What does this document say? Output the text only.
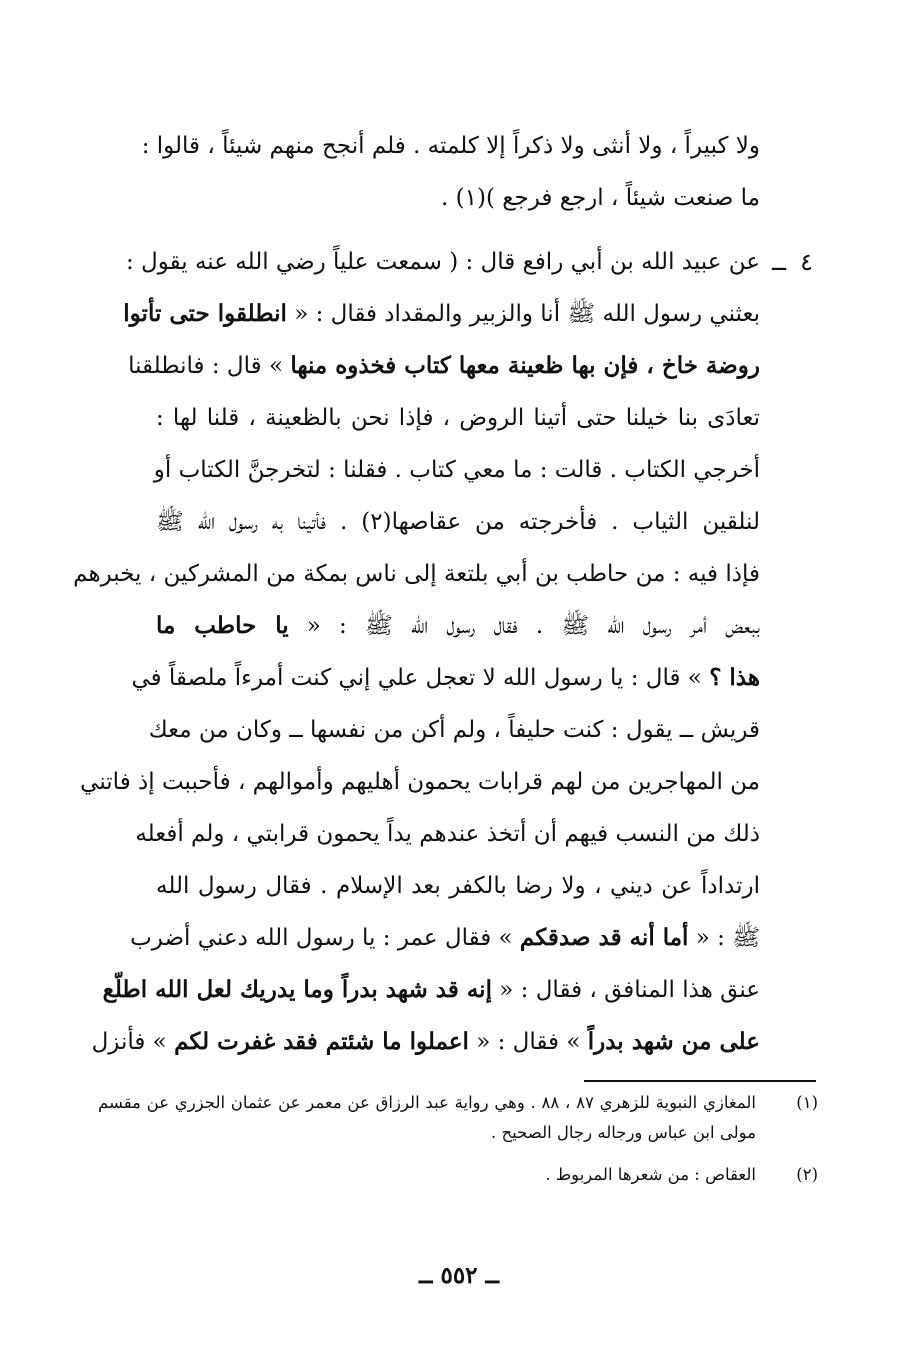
ولا كبيراً ، ولا أنثى ولا ذكراً إلا كلمته . فلم أنجح منهم شيئاً ، قالوا :
ما صنعت شيئاً ، ارجع فرجع )(١) .
٤
ــ
عن عبيد الله بن أبي رافع قال : ( سمعت علياً رضي الله عنه يقول :
بعثني رسول الله ﷺ أنا والزبير والمقداد فقال : « انطلقوا حتى تأتوا
روضة خاخ ، فإن بها ظعينة معها كتاب فخذوه منها » قال : فانطلقنا
تعادَى بنا خيلنا حتى أتينا الروض ، فإذا نحن بالظعينة ، قلنا لها :
أخرجي الكتاب . قالت : ما معي كتاب . فقلنا : لتخرجنَّ الكتاب أو
لنلقين الثياب . فأخرجته من عقاصها(٢) . فأتينا به رسول الله ﷺ
فإذا فيه : من حاطب بن أبي بلتعة إلى ناس بمكة من المشركين ، يخبرهم
ببعض أمر رسول الله ﷺ . فقال رسول الله ﷺ : « يا حاطب ما
هذا ؟ » قال : يا رسول الله لا تعجل علي إني كنت أمرءاً ملصقاً في
قريش ــ يقول : كنت حليفاً ، ولم أكن من نفسها ــ وكان من معك
من المهاجرين من لهم قرابات يحمون أهليهم وأموالهم ، فأحببت إذ فاتني
ذلك من النسب فيهم أن أتخذ عندهم يداً يحمون قرابتي ، ولم أفعله
ارتداداً عن ديني ، ولا رضا بالكفر بعد الإسلام . فقال رسول الله
ﷺ : « أما أنه قد صدقكم » فقال عمر : يا رسول الله دعني أضرب
عنق هذا المنافق ، فقال : « إنه قد شهد بدراً وما يدريك لعل الله اطلّع
على من شهد بدراً » فقال : « اعملوا ما شئتم فقد غفرت لكم » فأنزل
(١)
المغازي النبوية للزهري ٨٧ ، ٨٨ . وهي رواية عبد الرزاق عن معمر عن عثمان الجزري عن مقسم مولى ابن عباس ورجاله رجال الصحيح .
(٢)
العقاص : من شعرها المربوط .
ــ ٥٥٢ ــ
